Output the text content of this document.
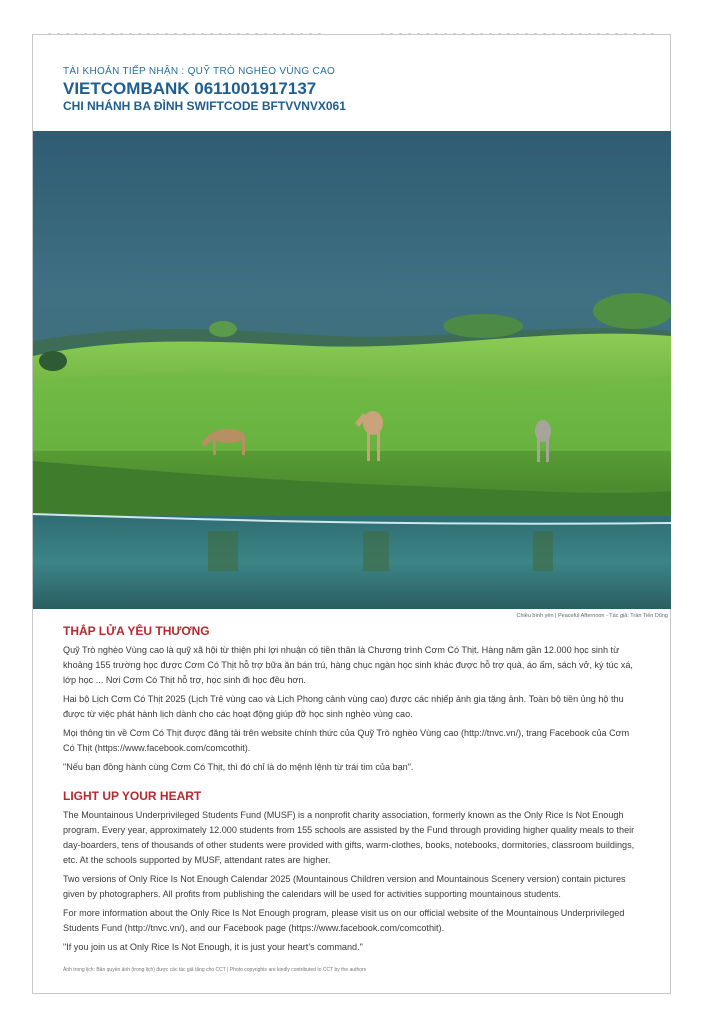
TÀI KHOẢN TIẾP NHẬN : QUỸ TRÒ NGHÈO VÙNG CAO
VIETCOMBANK 0611001917137
CHI NHÁNH BA ĐÌNH SWIFTCODE BFTVVNVX061
Chiều bình yên | Peaceful Afternoon - Tác giả: Trần Tiến Dũng
THẮP LỬA YÊU THƯƠNG

Quỹ Trò nghèo Vùng cao là quỹ xã hội từ thiện phi lợi nhuận có tiền thân là Chương trình Cơm Có Thịt. Hàng năm gần 12.000 học sinh từ khoảng 155 trường học được Cơm Có Thịt hỗ trợ bữa ăn bán trú, hàng chục ngàn học sinh khác được hỗ trợ quà, áo ấm, sách vở, ký túc xá, lớp học ... Nơi Cơm Có Thịt hỗ trợ, học sinh đi học đều hơn.

Hai bộ Lịch Cơm Có Thịt 2025 (Lịch Trẻ vùng cao và Lịch Phong cảnh vùng cao) được các nhiếp ảnh gia tặng ảnh. Toàn bộ tiền ủng hộ thu được từ việc phát hành lịch dành cho các hoạt động giúp đỡ học sinh nghèo vùng cao.

Mọi thông tin về Cơm Có Thịt được đăng tải trên website chính thức của Quỹ Trò nghèo Vùng cao (http://tnvc.vn/), trang Facebook của Cơm Có Thịt (https://www.facebook.com/comcothit).

"Nếu bạn đồng hành cùng Cơm Có Thịt, thì đó chỉ là do mệnh lệnh từ trái tim của bạn".

LIGHT UP YOUR HEART

The Mountainous Underprivileged Students Fund (MUSF) is a nonprofit charity association, formerly known as the Only Rice Is Not Enough program. Every year, approximately 12.000 students from 155 schools are assisted by the Fund through providing higher quality meals to their day-boarders, tens of thousands of other students were provided with gifts, warm-clothes, books, notebooks, dormitories, classroom buildings, etc. At the schools supported by MUSF, attendant rates are higher.

Two versions of Only Rice Is Not Enough Calendar 2025 (Mountainous Children version and Mountainous Scenery version) contain pictures given by photographers. All profits from publishing the calendars will be used for activities supporting mountainous students.

For more information about the Only Rice Is Not Enough program, please visit us on our official website of the Mountainous Underprivileged Students Fund (http://tnvc.vn/), and our Facebook page (https://www.facebook.com/comcothit).

"If you join us at Only Rice Is Not Enough, it is just your heart's command."

Ảnh trong lịch: Bản quyền ảnh (trong lịch) được các tác giả tặng cho CCT | Photo copyrights are kindly contributed to CCT by the authors
